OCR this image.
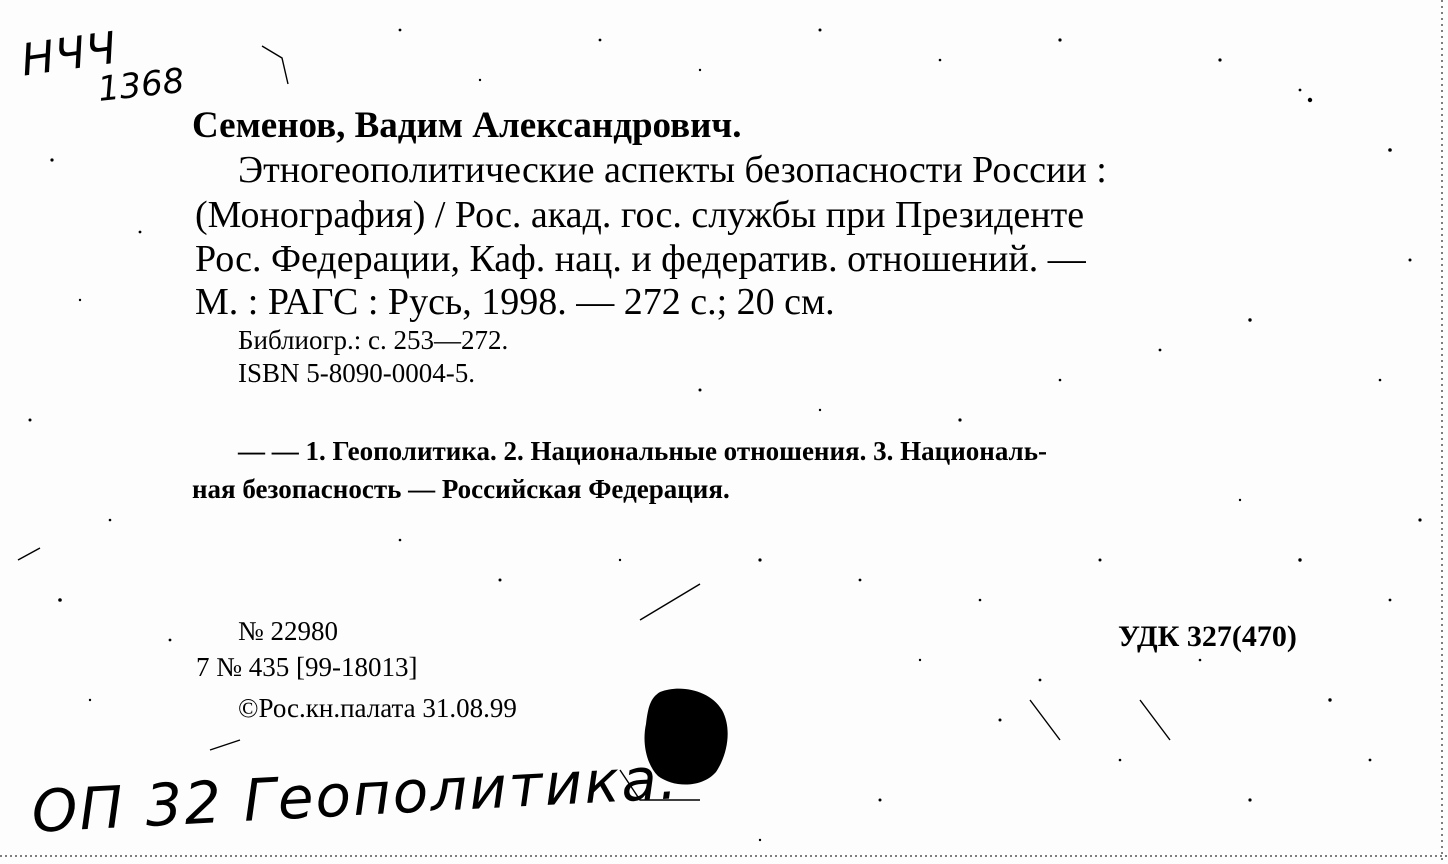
НЧЧ
1368
Семенов, Вадим Александрович.
Этногеополитические аспекты безопасности России :
(Монография) / Рос. акад. гос. службы при Президенте
Рос. Федерации, Каф. нац. и федератив. отношений. —
М. : РАГС : Русь, 1998. — 272 с.; 20 см.
Библиогр.: с. 253—272.
ISBN 5-8090-0004-5.
— — 1. Геополитика. 2. Национальные отношения. 3. Националь-
ная безопасность — Российская Федерация.
№ 22980
7 № 435 [99-18013]
©Рос.кн.палата 31.08.99
УДК 327(470)
ОП 32 Геополитика.
